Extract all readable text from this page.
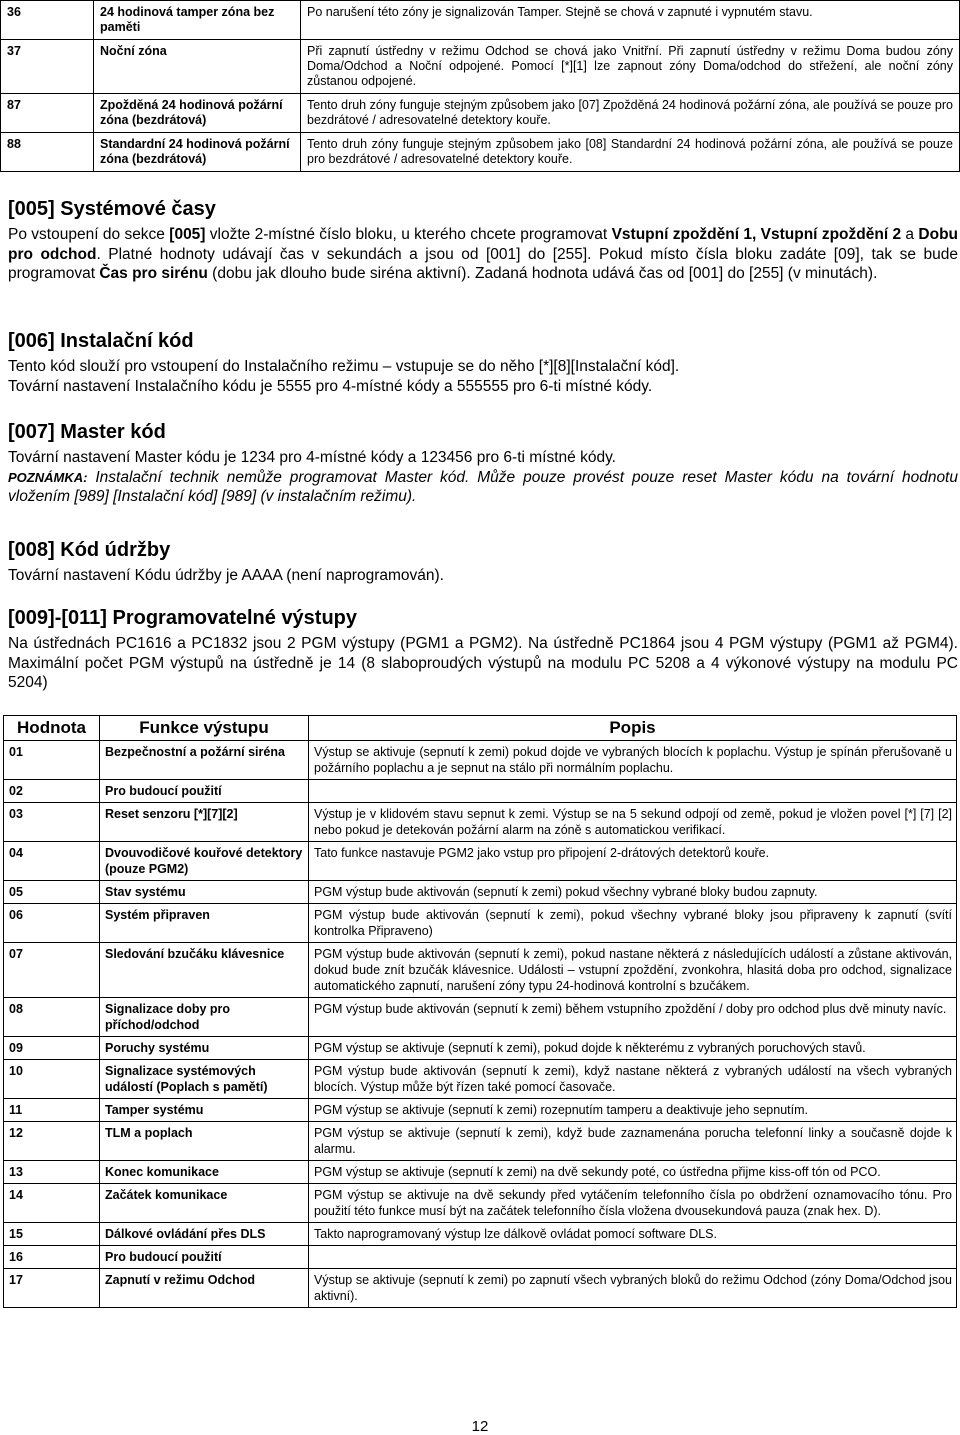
36	24 hodinová tamper zóna bez paměti	Po narušení této zóny je signalizován Tamper. Stejně se chová v zapnuté i vypnutém stavu.
37	Noční zóna	Při zapnutí ústředny v režimu Odchod se chová jako Vnitřní. Při zapnutí ústředny v režimu Doma budou zóny Doma/Odchod a Noční odpojené. Pomocí [*][1] lze zapnout zóny Doma/odchod do střežení, ale noční zóny zůstanou odpojené.
87	Zpožděná 24 hodinová požární zóna (bezdrátová)	Tento druh zóny funguje stejným způsobem jako [07] Zpožděná 24 hodinová požární zóna, ale používá se pouze pro bezdrátové / adresovatelné detektory kouře.
88	Standardní 24 hodinová požární zóna (bezdrátová)	Tento druh zóny funguje stejným způsobem jako [08] Standardní 24 hodinová požární zóna, ale používá se pouze pro bezdrátové / adresovatelné detektory kouře.
[005] Systémové časy

Po vstoupení do sekce [005] vložte 2-místné číslo bloku, u kterého chcete programovat Vstupní zpoždění 1, Vstupní zpoždění 2 a Dobu pro odchod. Platné hodnoty udávají čas v sekundách a jsou od [001] do [255]. Pokud místo čísla bloku zadáte [09], tak se bude programovat Čas pro sirénu (dobu jak dlouho bude siréna aktivní). Zadaná hodnota udává čas od [001] do [255] (v minutách).

[006] Instalační kód

Tento kód slouží pro vstoupení do Instalačního režimu – vstupuje se do něho [*][8][Instalační kód].

Tovární nastavení Instalačního kódu je 5555 pro 4-místné kódy a 555555 pro 6-ti místné kódy.

[007] Master kód

Tovární nastavení Master kódu je 1234 pro 4-místné kódy a 123456 pro 6-ti místné kódy.

POZNÁMKA: Instalační technik nemůže programovat Master kód. Může pouze provést pouze reset Master kódu na tovární hodnotu vložením [989] [Instalační kód] [989] (v instalačním režimu).

[008] Kód údržby

Tovární nastavení Kódu údržby je AAAA (není naprogramován).

[009]-[011] Programovatelné výstupy

Na ústřednách PC1616 a PC1832 jsou 2 PGM výstupy (PGM1 a PGM2). Na ústředně PC1864 jsou 4 PGM výstupy (PGM1 až PGM4). Maximální počet PGM výstupů na ústředně je 14 (8 slaboproudých výstupů na modulu PC 5208 a 4 výkonové výstupy na modulu PC 5204)

Hodnota	Funkce výstupu	Popis
01	Bezpečnostní a požární siréna	Výstup se aktivuje (sepnutí k zemi) pokud dojde ve vybraných blocích k poplachu. Výstup je spínán přerušovaně u požárního poplachu a je sepnut na stálo při normálním poplachu.
02	Pro budoucí použití	
03	Reset senzoru [*][7][2]	Výstup je v klidovém stavu sepnut k zemi. Výstup se na 5 sekund odpojí od země, pokud je vložen povel [*] [7] [2] nebo pokud je detekován požární alarm na zóně s automatickou verifikací.
04	Dvouvodičové kouřové detektory (pouze PGM2)	Tato funkce nastavuje PGM2 jako vstup pro připojení 2-drátových detektorů kouře.
05	Stav systému	PGM výstup bude aktivován (sepnutí k zemi) pokud všechny vybrané bloky budou zapnuty.
06	Systém připraven	PGM výstup bude aktivován (sepnutí k zemi), pokud všechny vybrané bloky jsou připraveny k zapnutí (svítí kontrolka Připraveno)
07	Sledování bzučáku klávesnice	PGM výstup bude aktivován (sepnutí k zemi), pokud nastane některá z následujících událostí a zůstane aktivován, dokud bude znít bzučák klávesnice. Události – vstupní zpoždění, zvonkohra, hlasitá doba pro odchod, signalizace automatického zapnutí, narušení zóny typu 24-hodinová kontrolní s bzučákem.
08	Signalizace doby pro příchod/odchod	PGM výstup bude aktivován (sepnutí k zemi) během vstupního zpoždění / doby pro odchod plus dvě minuty navíc.
09	Poruchy systému	PGM výstup se aktivuje (sepnutí k zemi), pokud dojde k některému z vybraných poruchových stavů.
10	Signalizace systémových událostí (Poplach s pamětí)	PGM výstup bude aktivován (sepnutí k zemi), když nastane některá z vybraných událostí na všech vybraných blocích. Výstup může být řízen také pomocí časovače.
11	Tamper systému	PGM výstup se aktivuje (sepnutí k zemi) rozepnutím tamperu a deaktivuje jeho sepnutím.
12	TLM a poplach	PGM výstup se aktivuje (sepnutí k zemi), když bude zaznamenána porucha telefonní linky a současně dojde k alarmu.
13	Konec komunikace	PGM výstup se aktivuje (sepnutí k zemi) na dvě sekundy poté, co ústředna přijme kiss-off tón od PCO.
14	Začátek komunikace	PGM výstup se aktivuje na dvě sekundy před vytáčením telefonního čísla po obdržení oznamovacího tónu. Pro použití této funkce musí být na začátek telefonního čísla vložena dvousekundová pauza (znak hex. D).
15	Dálkové ovládání přes DLS	Takto naprogramovaný výstup lze dálkově ovládat pomocí software DLS.
16	Pro budoucí použití	
17	Zapnutí v režimu Odchod	Výstup se aktivuje (sepnutí k zemi) po zapnutí všech vybraných bloků do režimu Odchod (zóny Doma/Odchod jsou aktivní).
12
